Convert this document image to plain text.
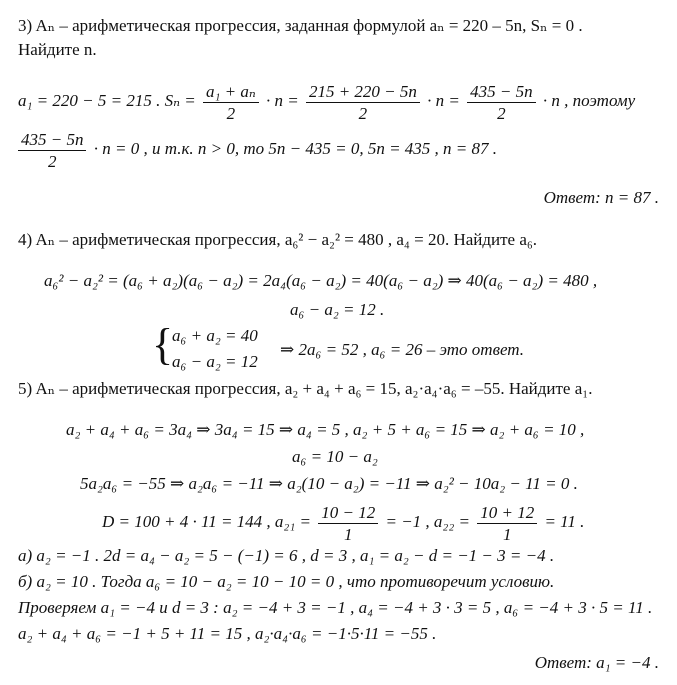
3) Aₙ – арифметическая прогрессия, заданная формулой aₙ = 220 – 5n, Sₙ = 0 .
Найдите n.
a₁ = 220 − 5 = 215 . $S_n = \frac{\text{a₁ + aₙ}}{2} \cdot n = \frac{215 + 220 - 5n}{2} \cdot n = \frac{435 - 5n}{2} \cdot n$ , поэтому
$\frac{435 - 5n}{2} \cdot n = 0$ , и т.к. n > 0, то 5n − 435 = 0, 5n = 435 , n = 87 .
Ответ: n = 87 .
4) Aₙ – арифметическая прогрессия, a₆² − a₂² = 480 , a₄ = 20. Найдите a₆.
a₆² − a₂² = (a₆ + a₂)(a₆ − a₂) = 2a₄(a₆ − a₂) = 40(a₆ − a₂) ⇒ 40(a₆ − a₂) = 480 ,
a₆ − a₂ = 12 .
{
a₆ + a₂ = 40
a₆ − a₂ = 12
⇒ 2a₆ = 52 , a₆ = 26 – это ответ.
5) Aₙ – арифметическая прогрессия, a₂ + a₄ + a₆ = 15, a₂·a₄·a₆ = –55. Найдите a₁.
a₂ + a₄ + a₆ = 3a₄ ⇒ 3a₄ = 15 ⇒ a₄ = 5 , a₂ + 5 + a₆ = 15 ⇒ a₂ + a₆ = 10 ,
a₆ = 10 − a₂
5a₂a₆ = −55 ⇒ a₂a₆ = −11 ⇒ a₂(10 − a₂) = −11 ⇒ a₂² − 10a₂ − 11 = 0 .
D = 100 + 4 · 11 = 144 , $a_{21} = \frac{10 - 12}{1} = -1$ , $a_{22} = \frac{10 + 12}{1} = 11$ .
а) a₂ = −1 . 2d = a₄ − a₂ = 5 − (−1) = 6 , d = 3 , a₁ = a₂ − d = −1 − 3 = −4 .
б) a₂ = 10 . Тогда a₆ = 10 − a₂ = 10 − 10 = 0 , что противоречит условию.
Проверяем a₁ = −4 и d = 3 : a₂ = −4 + 3 = −1 , a₄ = −4 + 3 · 3 = 5 , a₆ = −4 + 3 · 5 = 11 .
a₂ + a₄ + a₆ = −1 + 5 + 11 = 15 , a₂·a₄·a₆ = −1·5·11 = −55 .
Ответ: a₁ = −4 .
